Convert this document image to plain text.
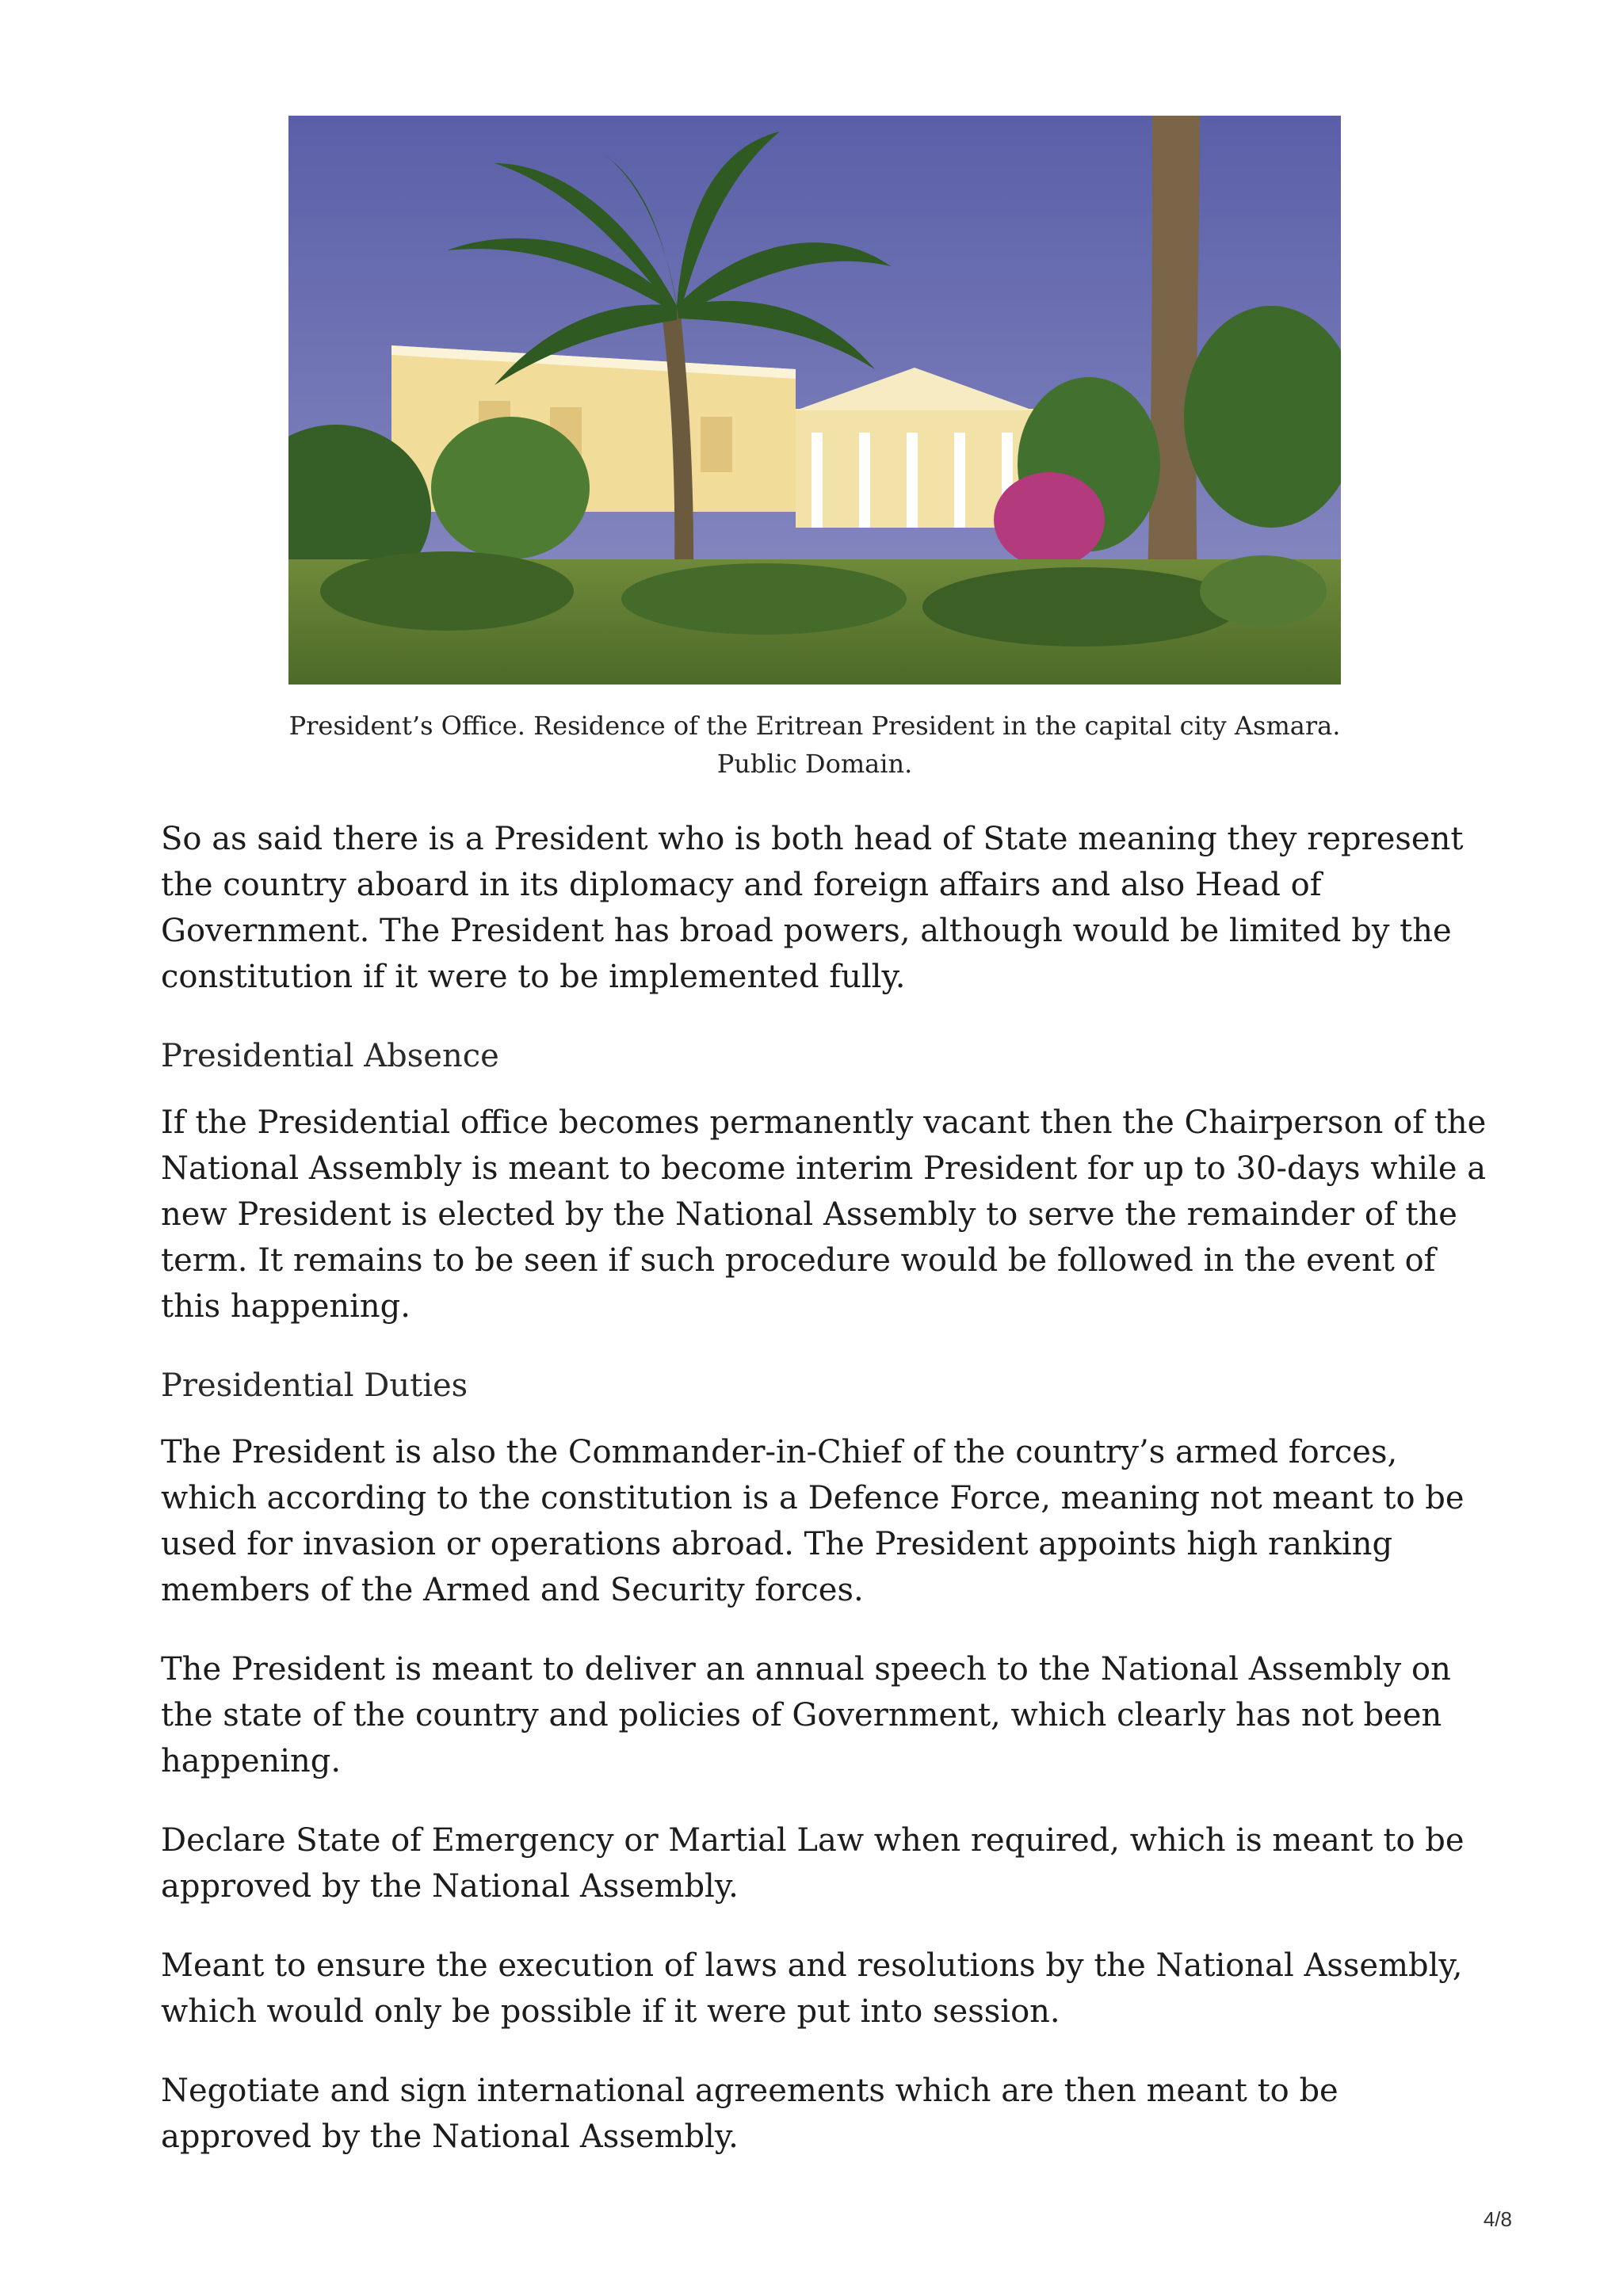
President’s Office. Residence of the Eritrean President in the capital city Asmara.

Public Domain.

So as said there is a President who is both head of State meaning they represent the country aboard in its diplomacy and foreign affairs and also Head of Government. The President has broad powers, although would be limited by the constitution if it were to be implemented fully.

Presidential Absence

If the Presidential office becomes permanently vacant then the Chairperson of the National Assembly is meant to become interim President for up to 30-days while a new President is elected by the National Assembly to serve the remainder of the term. It remains to be seen if such procedure would be followed in the event of this happening.

Presidential Duties

The President is also the Commander-in-Chief of the country’s armed forces, which according to the constitution is a Defence Force, meaning not meant to be used for invasion or operations abroad. The President appoints high ranking members of the Armed and Security forces.

The President is meant to deliver an annual speech to the National Assembly on the state of the country and policies of Government, which clearly has not been happening.

Declare State of Emergency or Martial Law when required, which is meant to be approved by the National Assembly.

Meant to ensure the execution of laws and resolutions by the National Assembly, which would only be possible if it were put into session.

Negotiate and sign international agreements which are then meant to be approved by the National Assembly.

4/8
